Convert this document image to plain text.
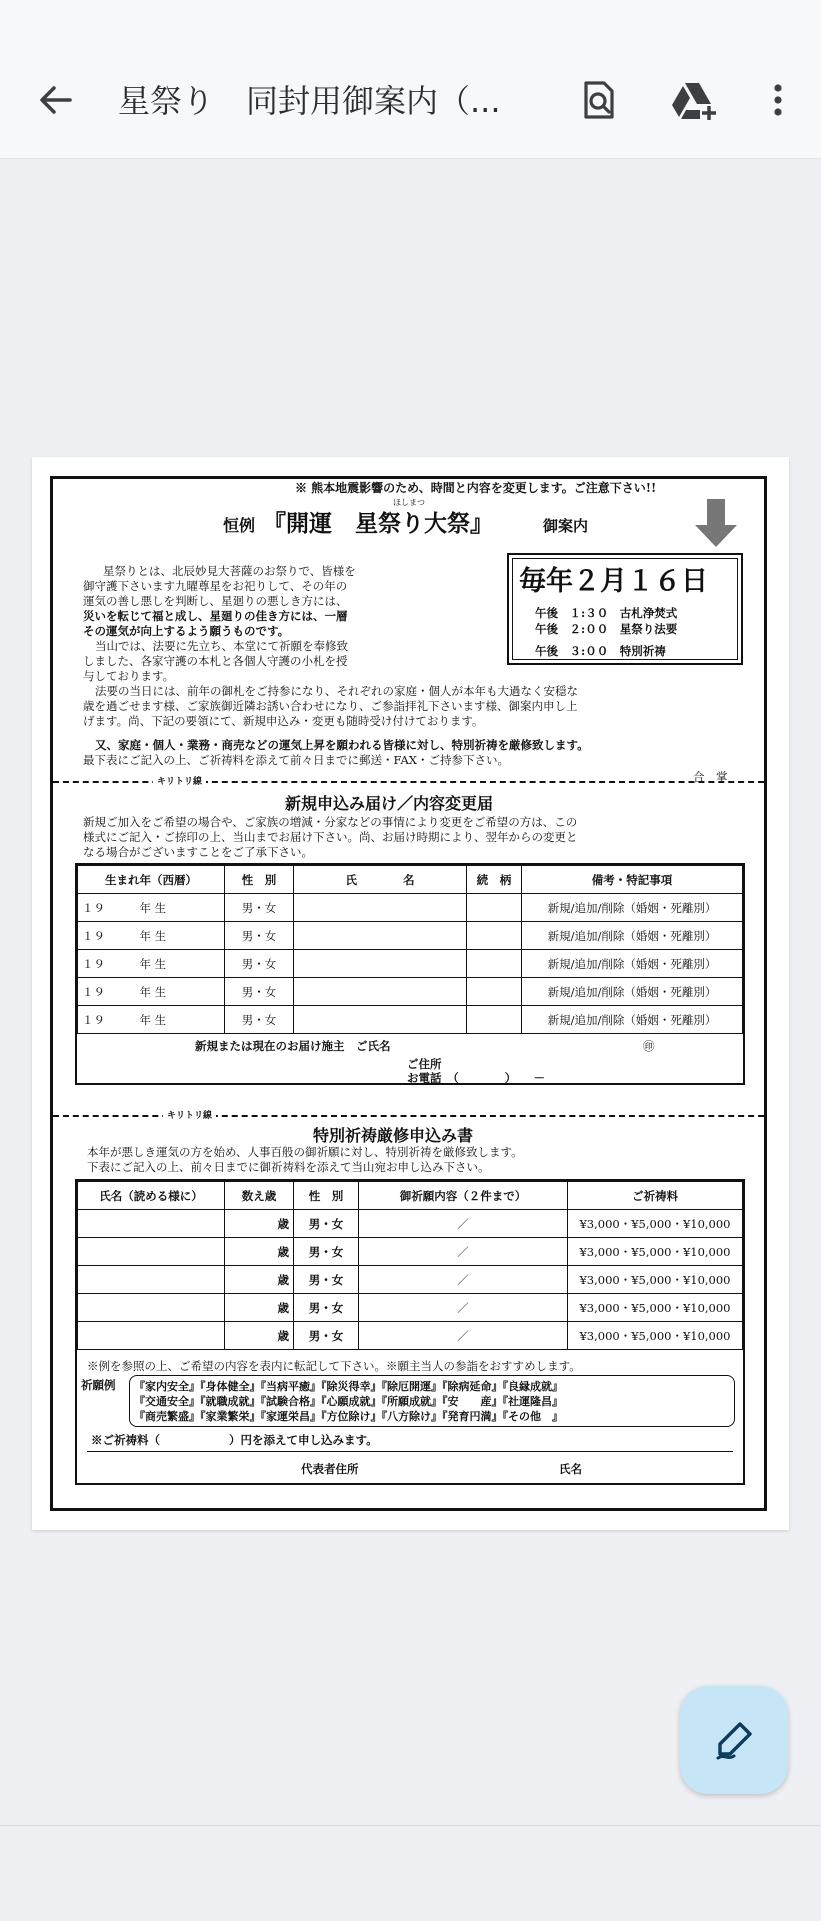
星祭り　同封用御案内（...
※ 熊本地震影響のため、時間と内容を変更します。ご注意下さい!!
ほしまつ
恒例 『開運　星祭り大祭』	御案内
毎年２月１６日
午後　１:３０　古札浄焚式
午後　２:００　星祭り法要
午後　３:００　特別祈祷
星祭りとは、北辰妙見大菩薩のお祭りで、皆様を
御守護下さいます九曜尊星をお祀りして、その年の
運気の善し悪しを判断し、星廻りの悪しき方には、
災いを転じて福と成し、星廻りの佳き方には、一層
その運気が向上するよう願うものです。
当山では、法要に先立ち、本堂にて祈願を奉修致
しました、各家守護の本札と各個人守護の小札を授
与しております。
法要の当日には、前年の御札をご持参になり、それぞれの家庭・個人が本年も大過なく安穏な
歳を過ごせます様、ご家族御近隣お誘い合わせになり、ご参詣拝礼下さいます様、御案内申し上
げます。尚、下記の要領にて、新規申込み・変更も随時受け付けております。
又、家庭・個人・業務・商売などの運気上昇を願われる皆様に対し、特別祈祷を厳修致します。
最下表にご記入の上、ご祈祷料を添えて前々日までに郵送・FAX・ご持参下さい。
合　掌
キリトリ線
新規申込み届け／内容変更届
新規ご加入をご希望の場合や、ご家族の増減・分家などの事情により変更をご希望の方は、この
様式にご記入・ご捺印の上、当山までお届け下さい。尚、お届け時期により、翌年からの変更と
なる場合がございますことをご了承下さい。
生まれ年（西暦）	性　別	氏　　　　名	続　柄	備考・特記事項
１９　　　年 生	男・女			新規/追加/削除（婚姻・死離別）
１９　　　年 生	男・女			新規/追加/削除（婚姻・死離別）
１９　　　年 生	男・女			新規/追加/削除（婚姻・死離別）
１９　　　年 生	男・女			新規/追加/削除（婚姻・死離別）
１９　　　年 生	男・女			新規/追加/削除（婚姻・死離別）
新規または現在のお届け施主　ご氏名	㊞
ご住所
お電話　（　　　　）　　－
キリトリ線
特別祈祷厳修申込み書
本年が悪しき運気の方を始め、人事百般の御祈願に対し、特別祈祷を厳修致します。
下表にご記入の上、前々日までに御祈祷料を添えて当山宛お申し込み下さい。
氏名（読める様に）	数え歳	性　別	御祈願内容（２件まで）	ご祈祷料
	歳	男・女	／	¥3,000・¥5,000・¥10,000
	歳	男・女	／	¥3,000・¥5,000・¥10,000
	歳	男・女	／	¥3,000・¥5,000・¥10,000
	歳	男・女	／	¥3,000・¥5,000・¥10,000
	歳	男・女	／	¥3,000・¥5,000・¥10,000
※例を参照の上、ご希望の内容を表内に転記して下さい。※願主当人の参詣をおすすめします。
祈願例 『家内安全』『身体健全』『当病平癒』『除災得幸』『除厄開運』『除病延命』『良縁成就』
『交通安全』『就職成就』『試験合格』『心願成就』『所願成就』『安　　産』『社運隆昌』
『商売繁盛』『家業繁栄』『家運栄昌』『方位除け』『八方除け』『発育円満』『その他　』
※ご祈祷料（　　　　　　）円を添えて申し込みます。
代表者住所	氏名
